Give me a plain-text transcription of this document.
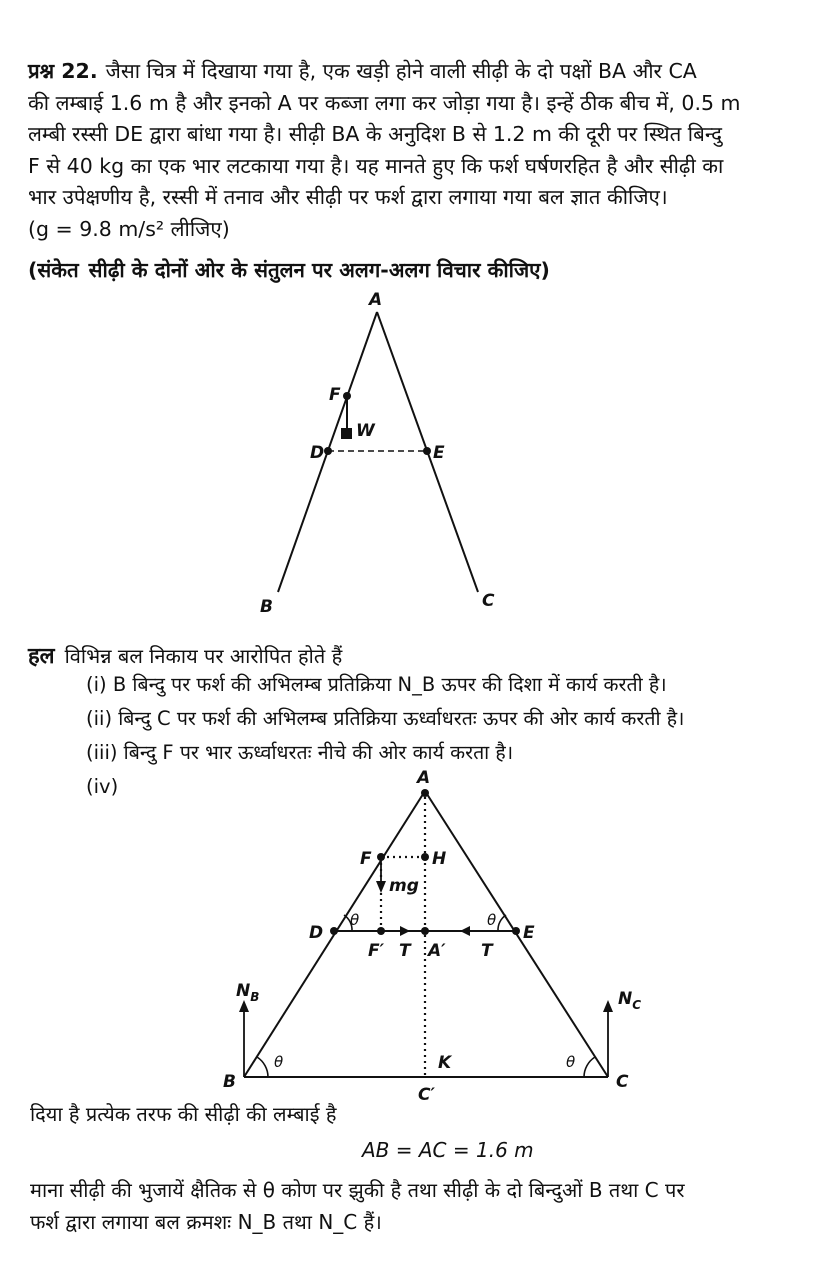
प्रश्न 22. जैसा चित्र में दिखाया गया है, एक खड़ी होने वाली सीढ़ी के दो पक्षों BA और CA

की लम्बाई 1.6 m है और इनको A पर कब्जा लगा कर जोड़ा गया है। इन्हें ठीक बीच में, 0.5 m

लम्बी रस्सी DE द्वारा बांधा गया है। सीढ़ी BA के अनुदिश B से 1.2 m की दूरी पर स्थित बिन्दु

F से 40 kg का एक भार लटकाया गया है। यह मानते हुए कि फर्श घर्षणरहित है और सीढ़ी का

भार उपेक्षणीय है, रस्सी में तनाव और सीढ़ी पर फर्श द्वारा लगाया गया बल ज्ञात कीजिए।

(g = 9.8 m/s² लीजिए)

(संकेत सीढ़ी के दोनों ओर के संतुलन पर अलग-अलग विचार कीजिए)
A
B	C
D	E
F
W
A
F	H
mg
D	E
θ	θ
F′ T A′ T
$N_B$	$N_C$
θ	θ
K
B	C
C′
हल विभिन्न बल निकाय पर आरोपित होते हैं
(i) B बिन्दु पर फर्श की अभिलम्ब प्रतिक्रिया N_B ऊपर की दिशा में कार्य करती है।
(ii) बिन्दु C पर फर्श की अभिलम्ब प्रतिक्रिया ऊर्ध्वाधरतः ऊपर की ओर कार्य करती है।
(iii) बिन्दु F पर भार ऊर्ध्वाधरतः नीचे की ओर कार्य करता है।
(iv)
दिया है प्रत्येक तरफ की सीढ़ी की लम्बाई है
AB = AC = 1.6 m
माना सीढ़ी की भुजायें क्षैतिक से θ कोण पर झुकी है तथा सीढ़ी के दो बिन्दुओं B तथा C पर
फर्श द्वारा लगाया बल क्रमशः N_B तथा N_C हैं।
